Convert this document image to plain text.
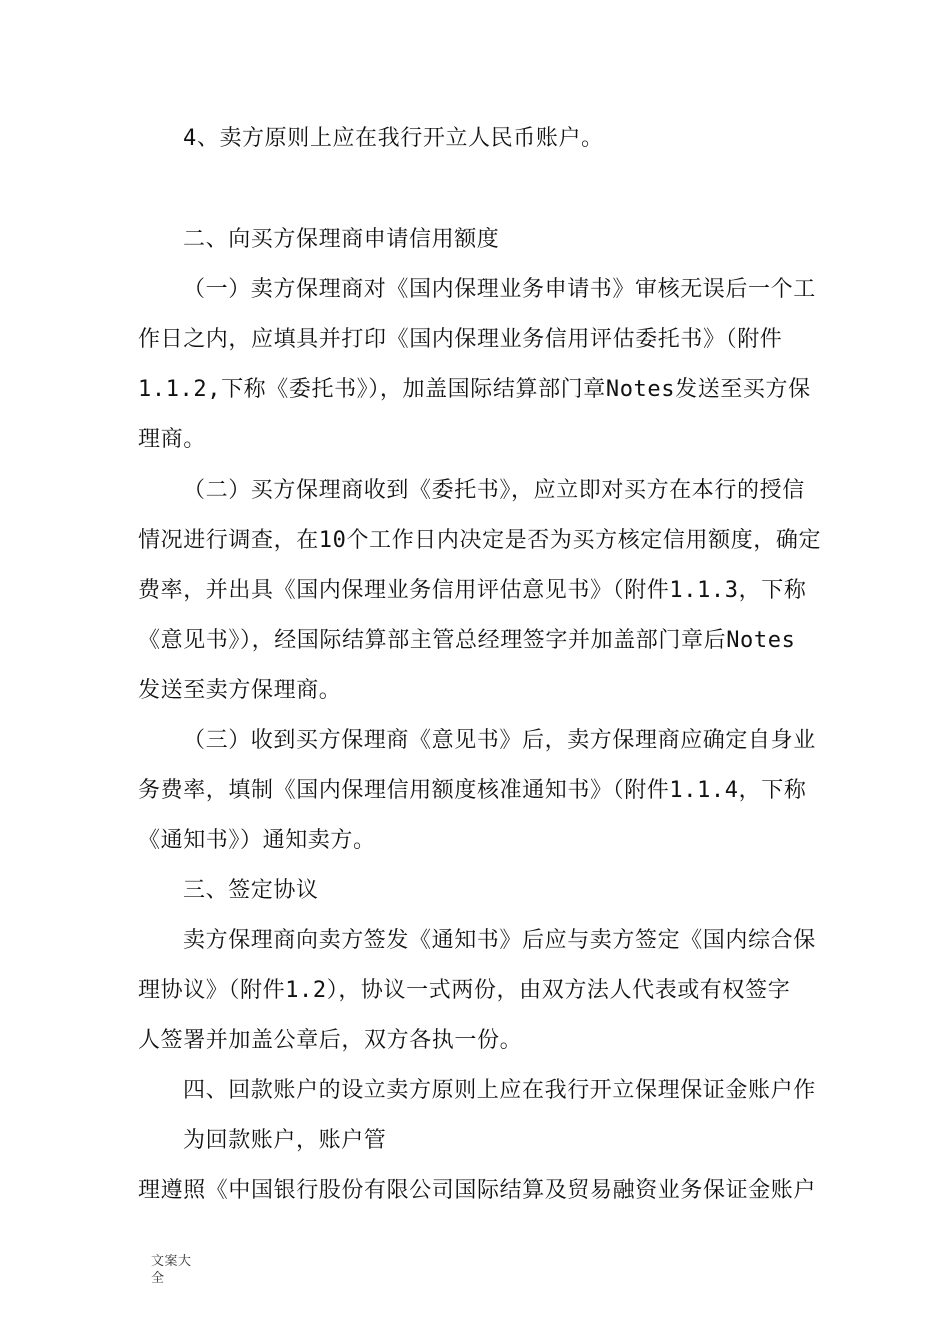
4、卖方原则上应在我行开立人民币账户。
二、向买方保理商申请信用额度
（一）卖方保理商对《国内保理业务申请书》审核无误后一个工
作日之内，应填具并打印《国内保理业务信用评估委托书》（附件
1.1.2,下称《委托书》），加盖国际结算部门章Notes发送至买方保
理商。
（二）买方保理商收到《委托书》，应立即对买方在本行的授信
情况进行调查，在10个工作日内决定是否为买方核定信用额度，确定
费率，并出具《国内保理业务信用评估意见书》（附件1.1.3，下称
《意见书》），经国际结算部主管总经理签字并加盖部门章后Notes
发送至卖方保理商。
（三）收到买方保理商《意见书》后，卖方保理商应确定自身业
务费率，填制《国内保理信用额度核准通知书》（附件1.1.4，下称
《通知书》）通知卖方。
三、签定协议
卖方保理商向卖方签发《通知书》后应与卖方签定《国内综合保
理协议》（附件1.2），协议一式两份，由双方法人代表或有权签字
人签署并加盖公章后，双方各执一份。
四、回款账户的设立卖方原则上应在我行开立保理保证金账户作
为回款账户，账户管
理遵照《中国银行股份有限公司国际结算及贸易融资业务保证金账户
文案大
全
